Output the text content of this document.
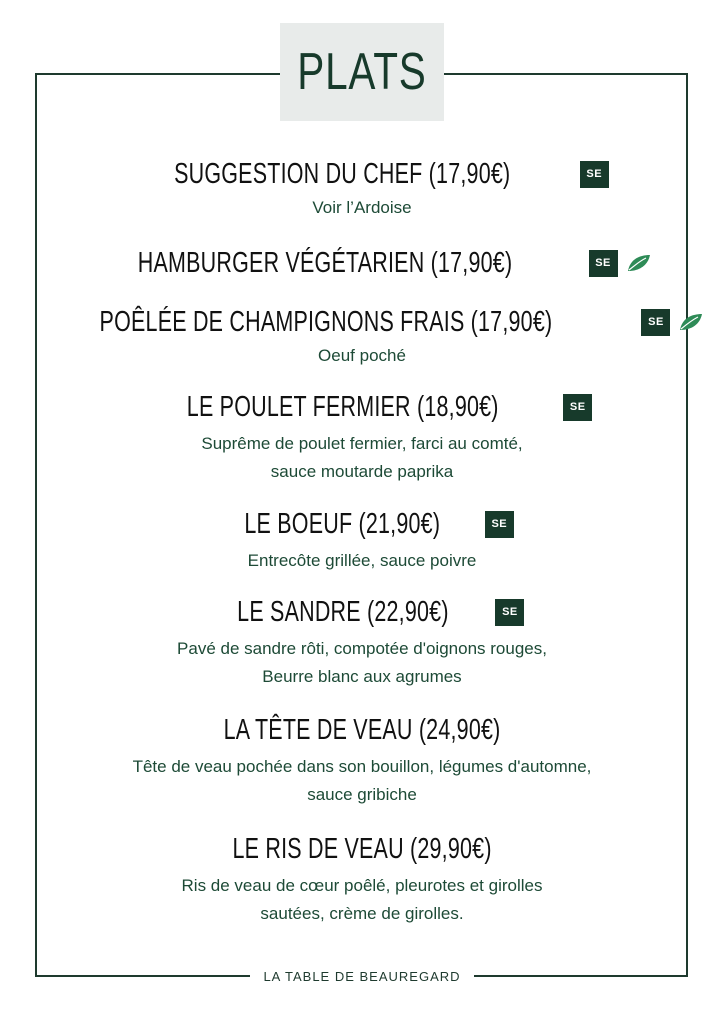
PLATS
SUGGESTION DU CHEF (17,90€)	SE
Voir l’Ardoise
HAMBURGER VÉGÉTARIEN (17,90€)	SE
POÊLÉE DE CHAMPIGNONS FRAIS (17,90€)	SE
Oeuf poché
LE POULET FERMIER (18,90€)	SE
Suprême de poulet fermier, farci au comté,
sauce moutarde paprika
LE BOEUF (21,90€)	SE
Entrecôte grillée, sauce poivre
LE SANDRE (22,90€)	SE
Pavé de sandre rôti, compotée d'oignons rouges,
Beurre blanc aux agrumes
LA TÊTE DE VEAU (24,90€)
Tête de veau pochée dans son bouillon, légumes d'automne,
sauce gribiche
LE RIS DE VEAU (29,90€)
Ris de veau de cœur poêlé, pleurotes et girolles
sautées, crème de girolles.
LA TABLE DE BEAUREGARD
